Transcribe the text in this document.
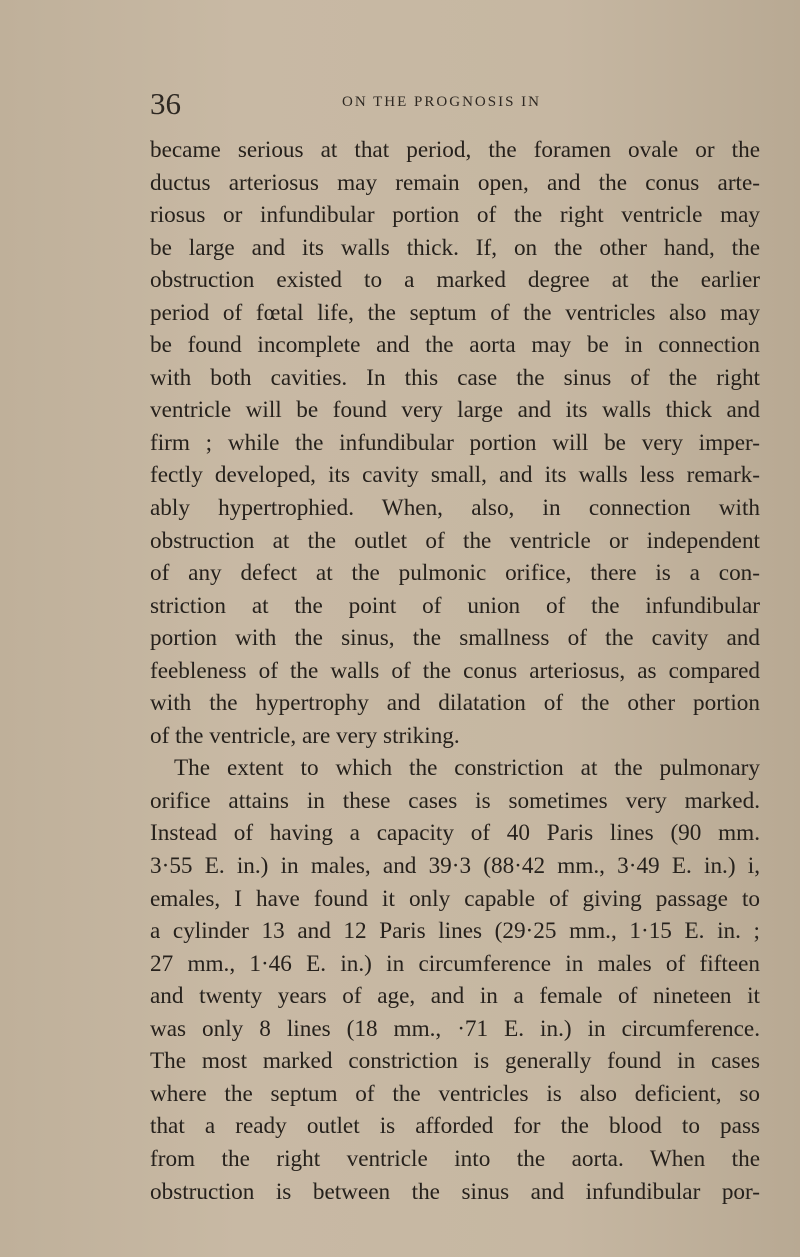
36	ON THE PROGNOSIS IN
became serious at that period, the foramen ovale or the
ductus arteriosus may remain open, and the conus arte-
riosus or infundibular portion of the right ventricle may
be large and its walls thick. If, on the other hand, the
obstruction existed to a marked degree at the earlier
period of fœtal life, the septum of the ventricles also may
be found incomplete and the aorta may be in connection
with both cavities. In this case the sinus of the right
ventricle will be found very large and its walls thick and
firm ; while the infundibular portion will be very imper-
fectly developed, its cavity small, and its walls less remark-
ably hypertrophied. When, also, in connection with
obstruction at the outlet of the ventricle or independent
of any defect at the pulmonic orifice, there is a con-
striction at the point of union of the infundibular
portion with the sinus, the smallness of the cavity and
feebleness of the walls of the conus arteriosus, as compared
with the hypertrophy and dilatation of the other portion
of the ventricle, are very striking.
The extent to which the constriction at the pulmonary
orifice attains in these cases is sometimes very marked.
Instead of having a capacity of 40 Paris lines (90 mm.
3·55 E. in.) in males, and 39·3 (88·42 mm., 3·49 E. in.) i,
emales, I have found it only capable of giving passage to
a cylinder 13 and 12 Paris lines (29·25 mm., 1·15 E. in. ;
27 mm., 1·46 E. in.) in circumference in males of fifteen
and twenty years of age, and in a female of nineteen it
was only 8 lines (18 mm., ·71 E. in.) in circumference.
The most marked constriction is generally found in cases
where the septum of the ventricles is also deficient, so
that a ready outlet is afforded for the blood to pass
from the right ventricle into the aorta. When the
obstruction is between the sinus and infundibular por-
